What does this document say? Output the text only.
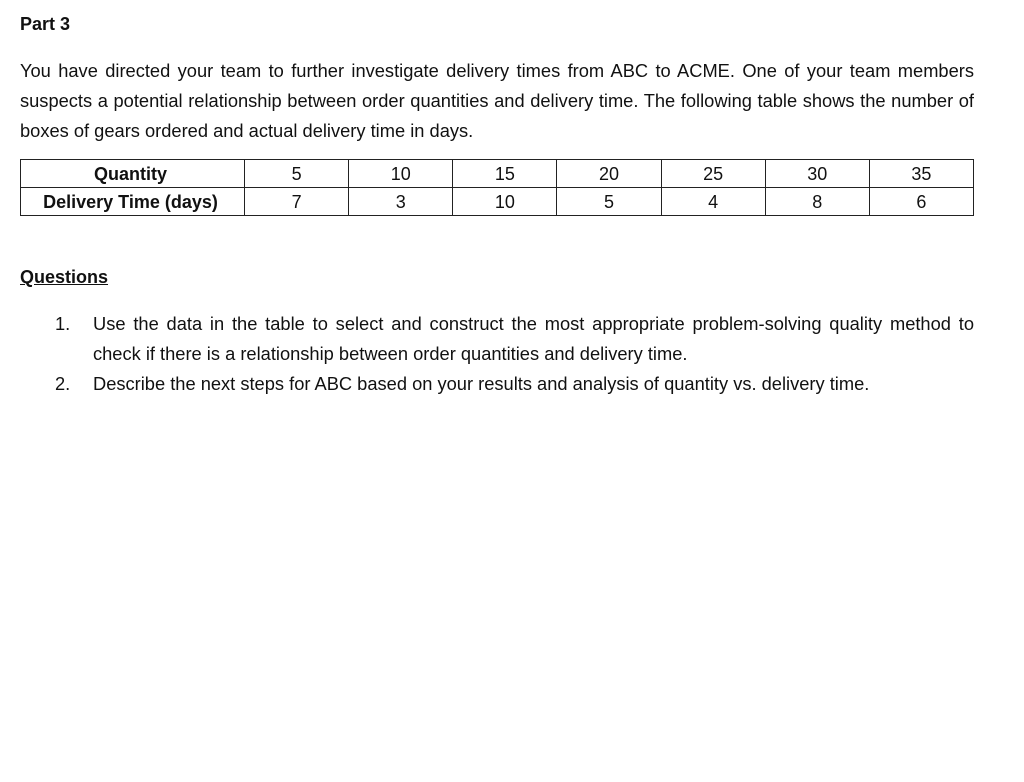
Part 3
You have directed your team to further investigate delivery times from ABC to ACME. One of your team members suspects a potential relationship between order quantities and delivery time. The following table shows the number of boxes of gears ordered and actual delivery time in days.
Quantity	5	10	15	20	25	30	35
Delivery Time (days)	7	3	10	5	4	8	6
Questions
1. Use the data in the table to select and construct the most appropriate problem-solving quality method to check if there is a relationship between order quantities and delivery time.
2. Describe the next steps for ABC based on your results and analysis of quantity vs. delivery time.
